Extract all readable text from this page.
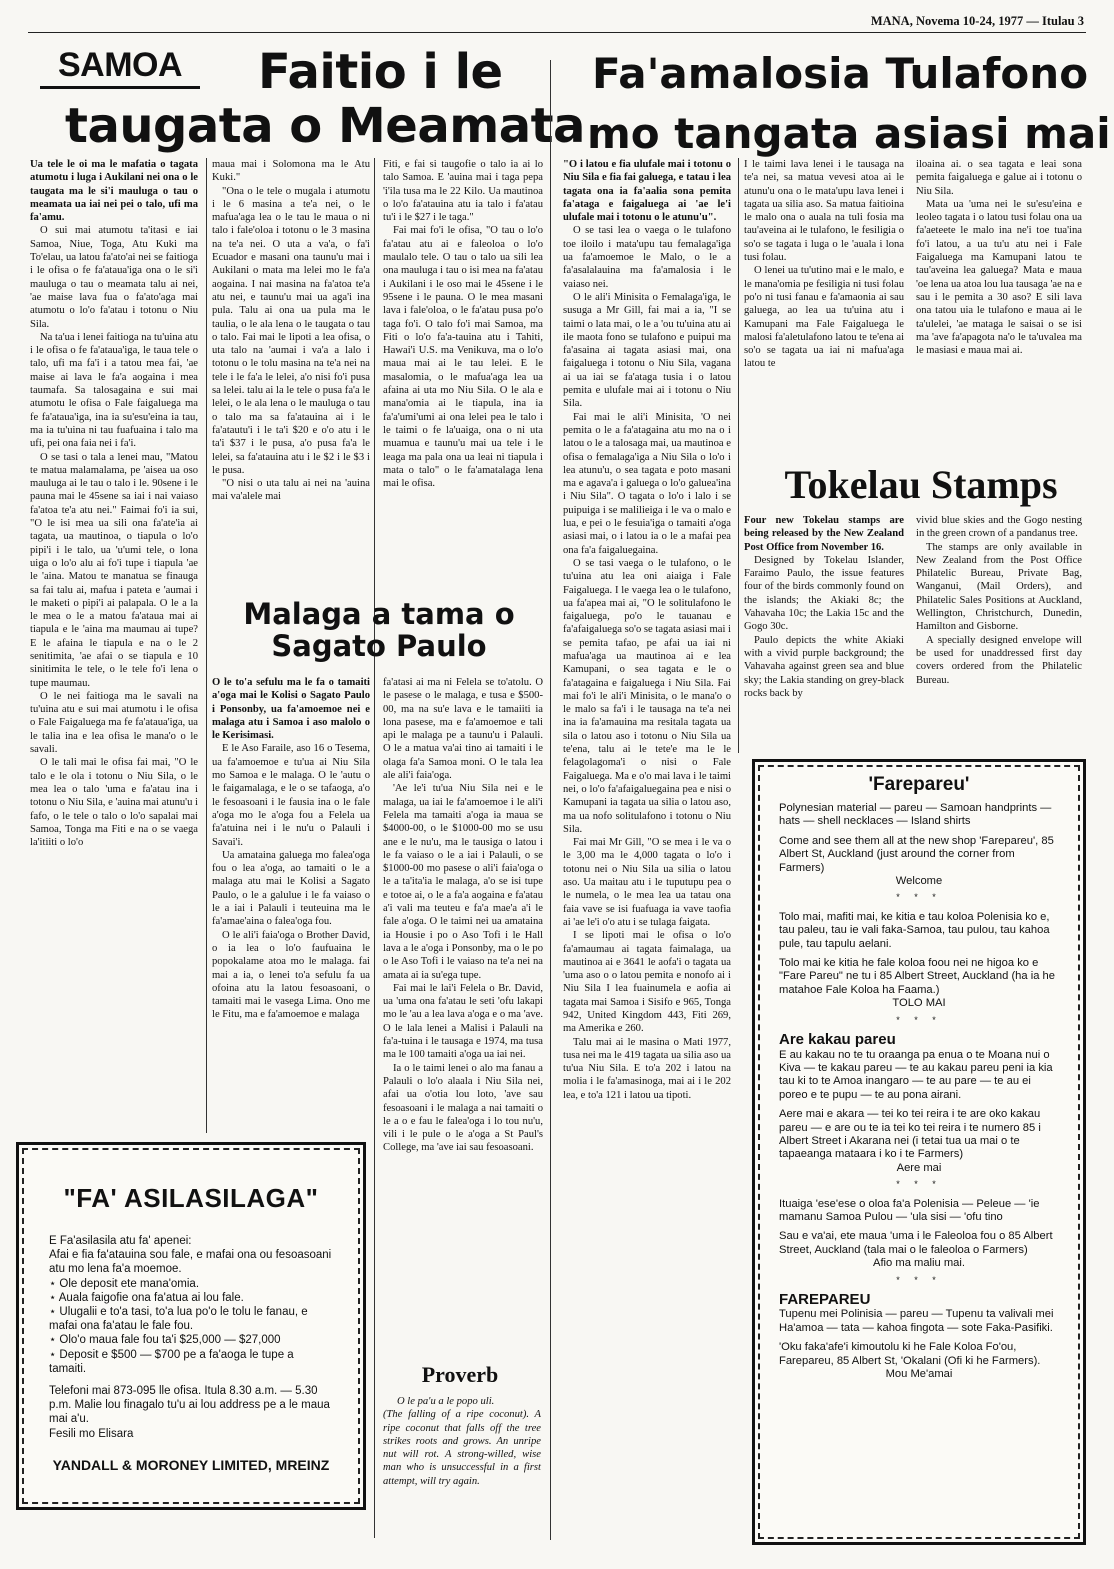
MANA, Novema 10-24, 1977 — Itulau 3
SAMOA	Faitio i le
taugata o Meamata
Fa'amalosia Tulafono
mo tangata asiasi mai

Ua tele le oi ma le mafatia o tagata atumotu i luga i Aukilani nei ona o le taugata ma le si'i mauluga o tau o meamata ua iai nei pei o talo, ufi ma fa'amu.

O sui mai atumotu ta'itasi e iai Samoa, Niue, Toga, Atu Kuki ma To'elau, ua latou fa'ato'ai nei se faitioga i le ofisa o fe fa'ataua'iga ona o le si'i mauluga o tau o meamata talu ai nei, 'ae maise lava fua o fa'ato'aga mai atumotu o lo'o fa'atau i totonu o Niu Sila.

Na ta'ua i lenei faitioga na tu'uina atu i le ofisa o fe fa'ataua'iga, le taua tele o talo, ufi ma fa'i i a tatou mea fai, 'ae maise ai lava le fa'a aogaina i mea taumafa. Sa talosagaina e sui mai atumotu le ofisa o Fale faigaluega ma fe fa'ataua'iga, ina ia su'esu'eina ia tau, ma ia tu'uina ni tau fuafuaina i talo ma ufi, pei ona faia nei i fa'i.

O se tasi o tala a lenei mau, "Matou te matua malamalama, pe 'aisea ua oso mauluga ai le tau o talo i le. 90sene i le pauna mai le 45sene sa iai i nai vaiaso fa'atoa te'a atu nei." Faimai fo'i ia sui, "O le isi mea ua sili ona fa'ate'ia ai tagata, ua mautinoa, o tiapula o lo'o pipi'i i le talo, ua 'u'umi tele, o lona uiga o lo'o alu ai fo'i tupe i tiapula 'ae le 'aina. Matou te manatua se finauga sa fai talu ai, mafua i pateta e 'aumai i le maketi o pipi'i ai palapala. O le a la le mea o le a matou fa'ataua mai ai tiapula e le 'aina ma maumau ai tupe? E le afaina le tiapula e na o le 2 senitimita, 'ae afai o se tiapula e 10 sinitimita le tele, o le tele fo'i lena o tupe maumau.

O le nei faitioga ma le savali na tu'uina atu e sui mai atumotu i le ofisa o Fale Faigaluega ma fe fa'ataua'iga, ua le talia ina e lea ofisa le mana'o o le savali.

O le tali mai le ofisa fai mai, "O le talo e le ola i totonu o Niu Sila, o le mea lea o talo 'uma e fa'atau ina i totonu o Niu Sila, e 'auina mai atunu'u i fafo, o le tele o talo o lo'o sapalai mai Samoa, Tonga ma Fiti e na o se vaega la'itiiti o lo'o

maua mai i Solomona ma le Atu Kuki."

"Ona o le tele o mugala i atumotu i le 6 masina a te'a nei, o le mafua'aga lea o le tau le maua o ni talo i fale'oloa i totonu o le 3 masina na te'a nei. O uta a va'a, o fa'i Ecuador e masani ona taunu'u mai i Aukilani o mata ma lelei mo le fa'a aogaina. I nai masina na fa'atoa te'a atu nei, e taunu'u mai ua aga'i ina pula. Talu ai ona ua pula ma le taulia, o le ala lena o le taugata o tau o talo. Fai mai le lipoti a lea ofisa, o uta talo na 'aumai i va'a a lalo i totonu o le tolu masina na te'a nei na tele i le fa'a le lelei, a'o nisi fo'i pusa sa lelei. talu ai la le tele o pusa fa'a le lelei, o le ala lena o le mauluga o tau o talo ma sa fa'atauina ai i le fa'atautu'i i le ta'i $20 e o'o atu i le ta'i $37 i le pusa, a'o pusa fa'a le lelei, sa fa'atauina atu i le $2 i le $3 i le pusa.

"O nisi o uta talu ai nei na 'auina mai va'alele mai

Fiti, e fai si taugofie o talo ia ai lo talo Samoa. E 'auina mai i taga pepa 'i'ila tusa ma le 22 Kilo. Ua mautinoa o lo'o fa'atauina atu ia talo i fa'atau tu'i i le $27 i le taga."

Fai mai fo'i le ofisa, "O tau o lo'o fa'atau atu ai e faleoloa o lo'o maulalo tele. O tau o talo ua sili lea ona mauluga i tau o isi mea na fa'atau i Aukilani i le oso mai le 45sene i le 95sene i le pauna. O le mea masani lava i fale'oloa, o le fa'atau pusa po'o taga fo'i. O talo fo'i mai Samoa, ma Fiti o lo'o fa'a-tauina atu i Tahiti, Hawai'i U.S. ma Venikuva, ma o lo'o maua mai ai le tau lelei. E le masalomia, o le mafua'aga lea ua afaina ai uta mo Niu Sila. O le ala e mana'omia ai le tiapula, ina ia fa'a'umi'umi ai ona lelei pea le talo i le taimi o fe la'uaiga, ona o ni uta muamua e taunu'u mai ua tele i le leaga ma pala ona ua leai ni tiapula i mata o talo" o le fa'amatalaga lena mai le ofisa.

Malaga a tama o
Sagato Paulo

O le to'a sefulu ma le fa o tamaiti a'oga mai le Kolisi o Sagato Paulo i Ponsonby, ua fa'amoemoe nei e malaga atu i Samoa i aso malolo o le Kerisimasi.

E le Aso Faraile, aso 16 o Tesema, ua fa'amoemoe e tu'ua ai Niu Sila mo Samoa e le malaga. O le 'autu o le faigamalaga, e le o se tafaoga, a'o le fesoasoani i le fausia ina o le fale a'oga mo le a'oga fou a Felela ua fa'atuina nei i le nu'u o Palauli i Savai'i.

Ua amataina galuega mo falea'oga fou o lea a'oga, ao tamaiti o le a malaga atu mai le Kolisi a Sagato Paulo, o le a galulue i le fa vaiaso o le a iai i Palauli i teuteuina ma le fa'amae'aina o falea'oga fou.

O le ali'i faia'oga o Brother David, o ia lea o lo'o faufuaina le popokalame atoa mo le malaga. fai mai a ia, o lenei to'a sefulu fa ua ofoina atu la latou fesoasoani, o tamaiti mai le vasega Lima. Ono me le Fitu, ma e fa'amoemoe e malaga

fa'atasi ai ma ni Felela se to'atolu. O le pasese o le malaga, e tusa e $500-00, ma na su'e lava e le tamaiiti ia lona pasese, ma e fa'amoemoe e tali api le malaga pe a taunu'u i Palauli. O le a matua va'ai tino ai tamaiti i le olaga fa'a Samoa moni. O le tala lea ale ali'i faia'oga.

'Ae le'i tu'ua Niu Sila nei e le malaga, ua iai le fa'amoemoe i le ali'i Felela ma tamaiti a'oga ia maua se $4000-00, o le $1000-00 mo se usu ane e le nu'u, ma le tausiga o latou i le fa vaiaso o le a iai i Palauli, o se $1000-00 mo pasese o ali'i faia'oga o le a ta'ita'ia le malaga, a'o se isi tupe e totoe ai, o le a fa'a aogaina e fa'atau a'i vali ma teuteu e fa'a mae'a a'i le fale a'oga. O le taimi nei ua amataina ia Housie i po o Aso Tofi i le Hall lava a le a'oga i Ponsonby, ma o le po o le Aso Tofi i le vaiaso na te'a nei na amata ai ia su'ega tupe.

Fai mai le lai'i Felela o Br. David, ua 'uma ona fa'atau le seti 'ofu lakapi mo le 'au a lea lava a'oga e o ma 'ave. O le lala lenei a Malisi i Palauli na fa'a-tuina i le tausaga e 1974, ma tusa ma le 100 tamaiti a'oga ua iai nei.

Ia o le taimi lenei o alo ma fanau a Palauli o lo'o alaala i Niu Sila nei, afai ua o'otia lou loto, 'ave sau fesoasoani i le malaga a nai tamaiti o le a o e fau le falea'oga i lo tou nu'u, vili i le pule o le a'oga a St Paul's College, ma 'ave iai sau fesoasoani.

Proverb

O le pa'u a le popo uli.

(The falling of a ripe coconut). A ripe coconut that falls off the tree strikes roots and grows. An unripe nut will rot. A strong-willed, wise man who is unsuccessful in a first attempt, will try again.

"O i latou e fia ulufale mai i totonu o Niu Sila e fia fai galuega, e tatau i lea tagata ona ia fa'aalia sona pemita fa'ataga e faigaluega ai 'ae le'i ulufale mai i totonu o le atunu'u".

O se tasi lea o vaega o le tulafono toe iloilo i mata'upu tau femalaga'iga ua fa'amoemoe le Malo, o le a fa'asalalauina ma fa'amalosia i le vaiaso nei.

O le ali'i Minisita o Femalaga'iga, le susuga a Mr Gill, fai mai a ia, "I se taimi o lata mai, o le a 'ou tu'uina atu ai ile maota fono se tulafono e puipui ma fa'asaina ai tagata asiasi mai, ona faigaluega i totonu o Niu Sila, vagana ai ua iai se fa'ataga tusia i o latou pemita e ulufale mai ai i totonu o Niu Sila.

Fai mai le ali'i Minisita, 'O nei pemita o le a fa'atagaina atu mo na o i latou o le a talosaga mai, ua mautinoa e ofisa o femalaga'iga a Niu Sila o lo'o i lea atunu'u, o sea tagata e poto masani ma e agava'a i galuega o lo'o galuea'ina i Niu Sila". O tagata o lo'o i lalo i se puipuiga i se malilieiga i le va o malo e lua, e pei o le fesuia'iga o tamaiti a'oga asiasi mai, o i latou ia o le a mafai pea ona fa'a faigaluegaina.

O se tasi vaega o le tulafono, o le tu'uina atu lea oni aiaiga i Fale Faigaluega. I le vaega lea o le tulafono, ua fa'apea mai ai, "O le solitulafono le faigaluega, po'o le tauanau e fa'afaigaluega so'o se tagata asiasi mai i se pemita tafao, pe afai ua iai ni mafua'aga ua mautinoa ai e lea Kamupani, o sea tagata e le o fa'atagaina e faigaluega i Niu Sila. Fai mai fo'i le ali'i Minisita, o le mana'o o le malo sa fa'i i le tausaga na te'a nei ina ia fa'amauina ma resitala tagata ua sila o latou aso i totonu o Niu Sila ua te'ena, talu ai le tete'e ma le le felagolagoma'i o nisi o Fale Faigaluega. Ma e o'o mai lava i le taimi nei, o lo'o fa'afaigaluegaina pea e nisi o Kamupani ia tagata ua silia o latou aso, ma ua nofo solitulafono i totonu o Niu Sila.

Fai mai Mr Gill, "O se mea i le va o le 3,00 ma le 4,000 tagata o lo'o i totonu nei o Niu Sila ua silia o latou aso. Ua maitau atu i le tuputupu pea o le numela, o le mea lea ua tatau ona faia vave se isi fuafuaga ia vave taofia ai 'ae le'i o'o atu i se tulaga faigata.

I se lipoti mai le ofisa o lo'o fa'amaumau ai tagata faimalaga, ua mautinoa ai e 3641 le aofa'i o tagata ua 'uma aso o o latou pemita e nonofo ai i Niu Sila I lea fuainumela e aofia ai tagata mai Samoa i Sisifo e 965, Tonga 942, United Kingdom 443, Fiti 269, ma Amerika e 260.

Talu mai ai le masina o Mati 1977, tusa nei ma le 419 tagata ua silia aso ua tu'ua Niu Sila. E to'a 202 i latou na molia i le fa'amasinoga, mai ai i le 202 lea, e to'a 121 i latou ua tipoti.

I le taimi lava lenei i le tausaga na te'a nei, sa matua vevesi atoa ai le atunu'u ona o le mata'upu lava lenei i tagata ua silia aso. Sa matua faitioina le malo ona o auala na tuli fosia ma tau'aveina ai le tulafono, le fesiligia o so'o se tagata i luga o le 'auala i lona tusi folau.

O lenei ua tu'utino mai e le malo, e le mana'omia pe fesiligia ni tusi folau po'o ni tusi fanau e fa'amaonia ai sau galuega, ao lea ua tu'uina atu i Kamupani ma Fale Faigaluega le malosi fa'aletulafono latou te te'ena ai so'o se tagata ua iai ni mafua'aga latou te

iloaina ai. o sea tagata e leai sona pemita faigaluega e galue ai i totonu o Niu Sila.

Mata ua 'uma nei le su'esu'eina e leoleo tagata i o latou tusi folau ona ua fa'aeteete le malo ina ne'i toe tua'ina fo'i latou, a ua tu'u atu nei i Fale Faigaluega ma Kamupani latou te tau'aveina lea galuega? Mata e maua 'oe lena ua atoa lou lua tausaga 'ae na e sau i le pemita a 30 aso? E sili lava ona tatou uia le tulafono e maua ai le ta'ulelei, 'ae mataga le saisai o se isi ma 'ave fa'apagota na'o le ta'uvalea ma le masiasi e maua mai ai.

Tokelau Stamps

Four new Tokelau stamps are being released by the New Zealand Post Office from November 16.

Designed by Tokelau Islander, Faraimo Paulo, the issue features four of the birds commonly found on the islands; the Akiaki 8c; the Vahavaha 10c; the Lakia 15c and the Gogo 30c.

Paulo depicts the white Akiaki with a vivid purple background; the Vahavaha against green sea and blue sky; the Lakia standing on grey-black rocks back by

vivid blue skies and the Gogo nesting in the green crown of a pandanus tree.

The stamps are only available in New Zealand from the Post Office Philatelic Bureau, Private Bag, Wanganui, (Mail Orders), and Philatelic Sales Positions at Auckland, Wellington, Christchurch, Dunedin, Hamilton and Gisborne.

A specially designed envelope will be used for unaddressed first day covers ordered from the Philatelic Bureau.

"FA' ASILASILAGA"
E Fa'asilasila atu fa' apenei:
Afai e fia fa'atauina sou fale, e mafai ona ou fesoasoani atu mo lena fa'a moemoe.
⋆ Ole deposit ete mana'omia.
⋆ Auala faigofie ona fa'atua ai lou fale.
⋆ Ulugalii e to'a tasi, to'a lua po'o le tolu le fanau, e mafai ona fa'atau le fale fou.
⋆ Olo'o maua fale fou ta'i $25,000 — $27,000
⋆ Deposit e $500 — $700 pe a fa'aoga le tupe a tamaiti.
Telefoni mai 873-095 lle ofisa. Itula 8.30 a.m. — 5.30 p.m. Malie lou finagalo tu'u ai lou address pe a le maua mai a'u.
Fesili mo Elisara
YANDALL & MORONEY LIMITED, MREINZ
'Farepareu'

Polynesian material — pareu — Samoan handprints — hats — shell necklaces — Island shirts

Come and see them all at the new shop 'Farepareu', 85 Albert St, Auckland (just around the corner from Farmers)

Welcome
* * *

Tolo mai, mafiti mai, ke kitia e tau koloa Polenisia ko e, tau paleu, tau ie vali faka-Samoa, tau pulou, tau kahoa pule, tau tapulu aelani.

Tolo mai ke kitia he fale koloa foou nei ne higoa ko e "Fare Pareu" ne tu i 85 Albert Street, Auckland (ha ia he matahoe Fale Koloa ha Faama.)

TOLO MAI
* * *
Are kakau pareu

E au kakau no te tu oraanga pa enua o te Moana nui o Kiva — te kakau pareu — te au kakau pareu peni ia kia tau ki to te Amoa inangaro — te au pare — te au ei poreo e te pupu — te au pona airani.

Aere mai e akara — tei ko tei reira i te are oko kakau pareu — e are ou te ia tei ko tei reira i te numero 85 i Albert Street i Akarana nei (i tetai tua ua mai o te tapaeanga mataara i ko i te Farmers)

Aere mai
* * *

Ituaiga 'ese'ese o oloa fa'a Polenisia — Peleue — 'ie mamanu Samoa Pulou — 'ula sisi — 'ofu tino

Sau e va'ai, ete maua 'uma i le Faleoloa fou o 85 Albert Street, Auckland (tala mai o le faleoloa o Farmers)

Afio ma maliu mai.
* * *
FAREPAREU

Tupenu mei Polinisia — pareu — Tupenu ta valivali mei Ha'amoa — tata — kahoa fingota — sote Faka-Pasifiki.

'Oku faka'afe'i kimoutolu ki he Fale Koloa Fo'ou, Farepareu, 85 Albert St, 'Okalani (Ofi ki he Farmers).

Mou Me'amai
